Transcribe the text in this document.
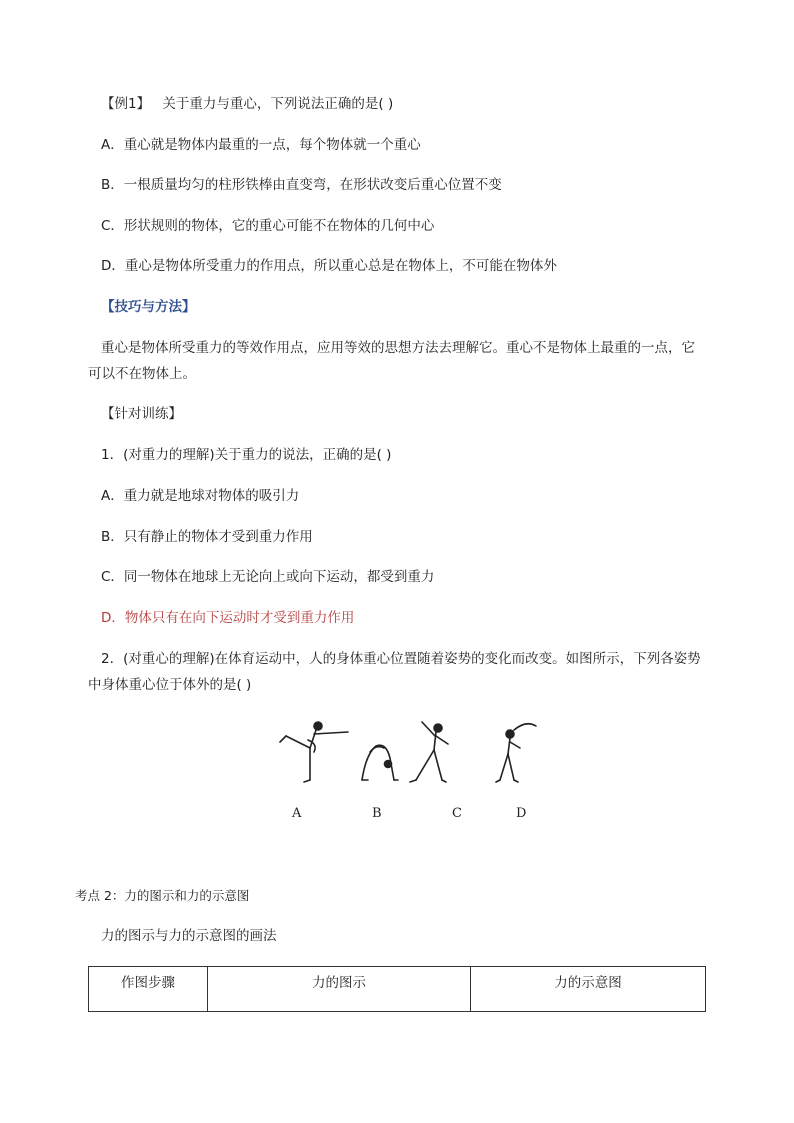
【例1】 关于重力与重心，下列说法正确的是( )
A．重心就是物体内最重的一点，每个物体就一个重心
B．一根质量均匀的柱形铁棒由直变弯，在形状改变后重心位置不变
C．形状规则的物体，它的重心可能不在物体的几何中心
D．重心是物体所受重力的作用点，所以重心总是在物体上，不可能在物体外
【技巧与方法】
重心是物体所受重力的等效作用点，应用等效的思想方法去理解它。重心不是物体上最重的一点，它
可以不在物体上。
【针对训练】
1．(对重力的理解)关于重力的说法，正确的是( )
A．重力就是地球对物体的吸引力
B．只有静止的物体才受到重力作用
C．同一物体在地球上无论向上或向下运动，都受到重力
D．物体只有在向下运动时才受到重力作用
2．(对重心的理解)在体育运动中，人的身体重心位置随着姿势的变化而改变。如图所示，下列各姿势
中身体重心位于体外的是( )
A	B	C	D
考点 2：力的图示和力的示意图
力的图示与力的示意图的画法
作图步骤	力的图示	力的示意图
